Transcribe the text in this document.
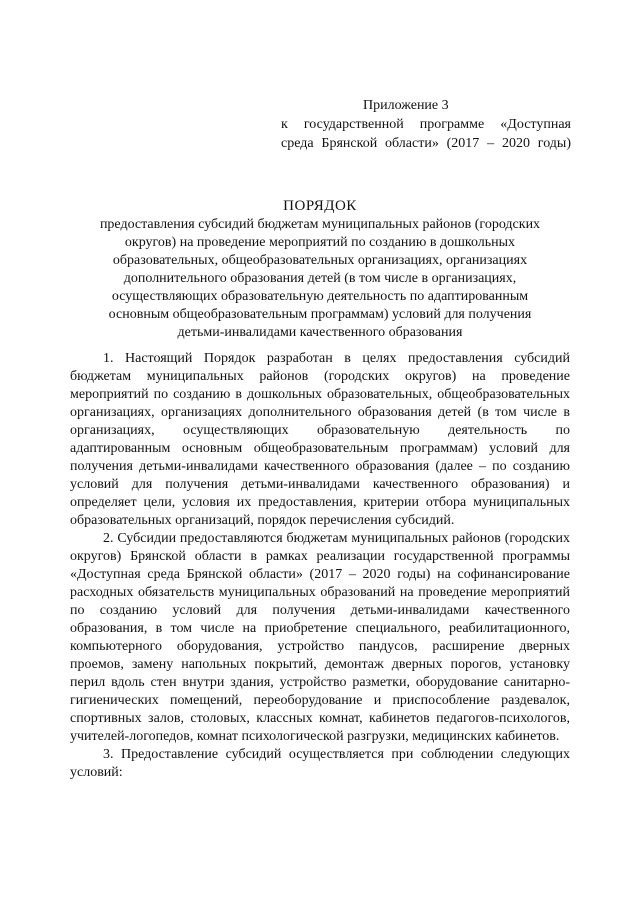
Приложение 3
к государственной программе «Доступная
среда Брянской области» (2017 – 2020 годы)
ПОРЯДОК
предоставления субсидий бюджетам муниципальных районов (городских
округов) на проведение мероприятий по созданию в дошкольных
образовательных, общеобразовательных организациях, организациях
дополнительного образования детей (в том числе в организациях,
осуществляющих образовательную деятельность по адаптированным
основным общеобразовательным программам) условий для получения
детьми-инвалидами качественного образования

1. Настоящий Порядок разработан в целях предоставления субсидий бюджетам муниципальных районов (городских округов) на проведение мероприятий по созданию в дошкольных образовательных, общеобразовательных организациях, организациях дополнительного образования детей (в том числе в организациях, осуществляющих образовательную деятельность по адаптированным основным общеобразовательным программам) условий для получения детьми-инвалидами качественного образования (далее – по созданию условий для получения детьми-инвалидами качественного образования) и определяет цели, условия их предоставления, критерии отбора муниципальных образовательных организаций, порядок перечисления субсидий.

2. Субсидии предоставляются бюджетам муниципальных районов (городских округов) Брянской области в рамках реализации государственной программы «Доступная среда Брянской области» (2017 – 2020 годы) на софинансирование расходных обязательств муниципальных образований на проведение мероприятий по созданию условий для получения детьми-инвалидами качественного образования, в том числе на приобретение специального, реабилитационного, компьютерного оборудования, устройство пандусов, расширение дверных проемов, замену напольных покрытий, демонтаж дверных порогов, установку перил вдоль стен внутри здания, устройство разметки, оборудование санитарно-гигиенических помещений, переоборудование и приспособление раздевалок, спортивных залов, столовых, классных комнат, кабинетов педагогов-психологов, учителей-логопедов, комнат психологической разгрузки, медицинских кабинетов.

3. Предоставление субсидий осуществляется при соблюдении следующих условий:
